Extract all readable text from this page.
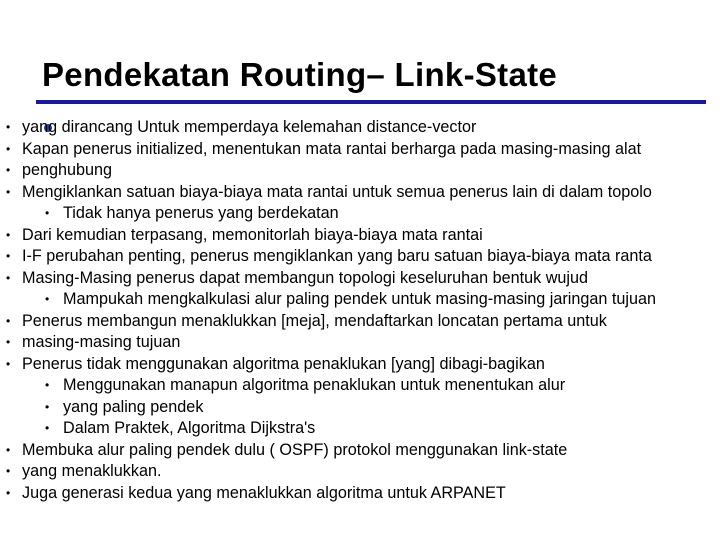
Pendekatan Routing– Link-State
• yang dirancang Untuk memperdaya kelemahan distance-vector
• Kapan penerus initialized, menentukan mata rantai berharga pada masing-masing alat
• penghubung
• Mengiklankan satuan biaya-biaya mata rantai untuk semua penerus lain di dalam topolo
• Tidak hanya penerus yang berdekatan
• Dari kemudian terpasang, memonitorlah biaya-biaya mata rantai
• I-F perubahan penting, penerus mengiklankan yang baru satuan biaya-biaya mata ranta
• Masing-Masing penerus dapat membangun topologi keseluruhan bentuk wujud
• Mampukah mengkalkulasi alur paling pendek untuk masing-masing jaringan tujuan
• Penerus membangun menaklukkan [meja], mendaftarkan loncatan pertama untuk
• masing-masing tujuan
• Penerus tidak menggunakan algoritma penaklukan [yang] dibagi-bagikan
• Menggunakan manapun algoritma penaklukan untuk menentukan alur
• yang paling pendek
• Dalam Praktek, Algoritma Dijkstra's
• Membuka alur paling pendek dulu ( OSPF) protokol menggunakan link-state
• yang menaklukkan.
• Juga generasi kedua yang menaklukkan algoritma untuk ARPANET
